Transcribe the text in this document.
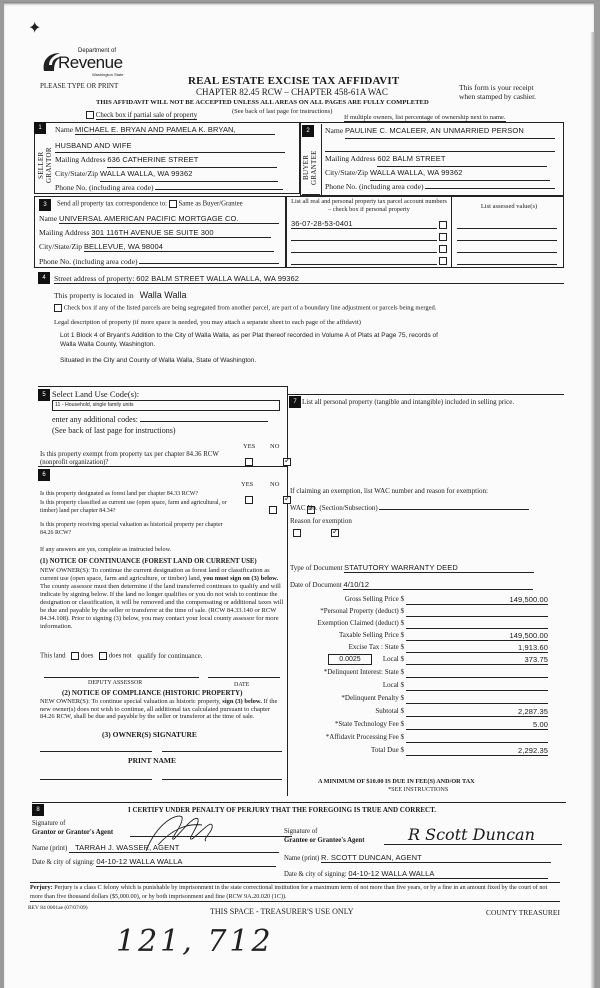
✦
Department of
Revenue
Washington State
PLEASE TYPE OR PRINT	REAL ESTATE EXCISE TAX AFFIDAVIT
CHAPTER 82.45 RCW – CHAPTER 458-61A WAC	This form is your receipt
when stamped by cashier.
THIS AFFIDAVIT WILL NOT BE ACCEPTED UNLESS ALL AREAS ON ALL PAGES ARE FULLY COMPLETED
(See back of last page for instructions)
Check box if partial sale of property	If multiple owners, list percentage of ownership next to name.
1
SELLER GRANTOR
Name MICHAEL E. BRYAN AND PAMELA K. BRYAN,
HUSBAND AND WIFE
Mailing Address 636 CATHERINE STREET
City/State/Zip WALLA WALLA, WA 99362
Phone No. (including area code)
2
BUYER GRANTEE
Name PAULINE C. MCALEER, AN UNMARRIED PERSON
Mailing Address 602 BALM STREET
City/State/Zip WALLA WALLA, WA 99362
Phone No. (including area code)
3	Send all property tax correspondence to: Same as Buyer/Grantee
Name UNIVERSAL AMERICAN PACIFIC MORTGAGE CO.
Mailing Address 301 116TH AVENUE SE SUITE 300
City/State/Zip BELLEVUE, WA 98004
Phone No. (including area code)
List all real and personal property tax parcel account numbers – check box if personal property	List assessed value(s)
36-07-28-53-0401
4	Street address of property: 602 BALM STREET WALLA WALLA, WA 99362
This property is located in Walla Walla
Check box if any of the listed parcels are being segregated from another parcel, are part of a boundary line adjustment or parcels being merged.
Legal description of property (if more space is needed, you may attach a separate sheet to each page of the affidavit)
Lot 1 Block 4 of Bryant's Addition to the City of Walla Walla, as per Plat thereof recorded in Volume A of Plats at Page 75, records of
Walla Walla County, Washington.
Situated in the City and County of Walla Walla, State of Washington.
5 Select Land Use Code(s):
11 - Household, single family units
enter any additional codes:
(See back of last page for instructions)
YES NO
Is this property exempt from property tax per chapter 84.36 RCW (nonprofit organization)?
✓
6
YES	NO
Is this property designated as forest land per chapter 84.33 RCW?
✓
Is this property classified as current use (open space, farm and agricultural, or timber) land per chapter 84.34?
✓
Is this property receiving special valuation as historical property per chapter 84.26 RCW?
✓
If any answers are yes, complete as instructed below.
(1) NOTICE OF CONTINUANCE (FOREST LAND OR CURRENT USE)
NEW OWNER(S): To continue the current designation as forest land or classification as current use (open space, farm and agriculture, or timber) land, you must sign on (3) below. The county assessor must then determine if the land transferred continues to qualify and will indicate by signing below. If the land no longer qualifies or you do not wish to continue the designation or classification, it will be removed and the compensating or additional taxes will be due and payable by the seller or transferor at the time of sale. (RCW 84.33.140 or RCW 84.34.108). Prior to signing (3) below, you may contact your local county assessor for more information.
This land does does not qualify for continuance.
DEPUTY ASSESSOR	DATE
(2) NOTICE OF COMPLIANCE (HISTORIC PROPERTY)
NEW OWNER(S): To continue special valuation as historic property, sign (3) below. If the new owner(s) does not wish to continue, all additional tax calculated pursuant to chapter 84.26 RCW, shall be due and payable by the seller or transferor at the time of sale.
(3) OWNER(S) SIGNATURE
PRINT NAME
7 List all personal property (tangible and intangible) included in selling price.
If claiming an exemption, list WAC number and reason for exemption:
WAC No. (Section/Subsection)
Reason for exemption
Type of Document STATUTORY WARRANTY DEED
Date of Document 4/10/12
Gross Selling Price $	149,500.00
*Personal Property (deduct) $
Exemption Claimed (deduct) $
Taxable Selling Price $	149,500.00
Excise Tax : State $	1,913.60
0.0025	Local $	373.75
*Delinquent Interest: State $
Local $
*Delinquent Penalty $
Subtotal $	2,287.35
*State Technology Fee $	5.00
*Affidavit Processing Fee $
Total Due $	2,292.35
A MINIMUM OF $10.00 IS DUE IN FEE(S) AND/OR TAX
*SEE INSTRUCTIONS
8	I CERTIFY UNDER PENALTY OF PERJURY THAT THE FOREGOING IS TRUE AND CORRECT.
Signature of
Grantor or Grantor's Agent
Name (print) TARRAH J. WASSER, AGENT
Date & city of signing: 04-10-12 WALLA WALLA
Signature of
Grantee or Grantee's Agent	R Scott Duncan
Name (print) R. SCOTT DUNCAN, AGENT
Date & city of signing: 04-10-12 WALLA WALLA
Perjury: Perjury is a class C felony which is punishable by imprisonment in the state correctional institution for a maximum term of not more than five years, or by a fine in an amount fixed by the court of not more than five thousand dollars ($5,000.00), or by both imprisonment and fine (RCW 9A.20.020 (1C)).
REV 84 0001ae (07/07/09)	THIS SPACE - TREASURER'S USE ONLY	COUNTY TREASUREI
121, 712
